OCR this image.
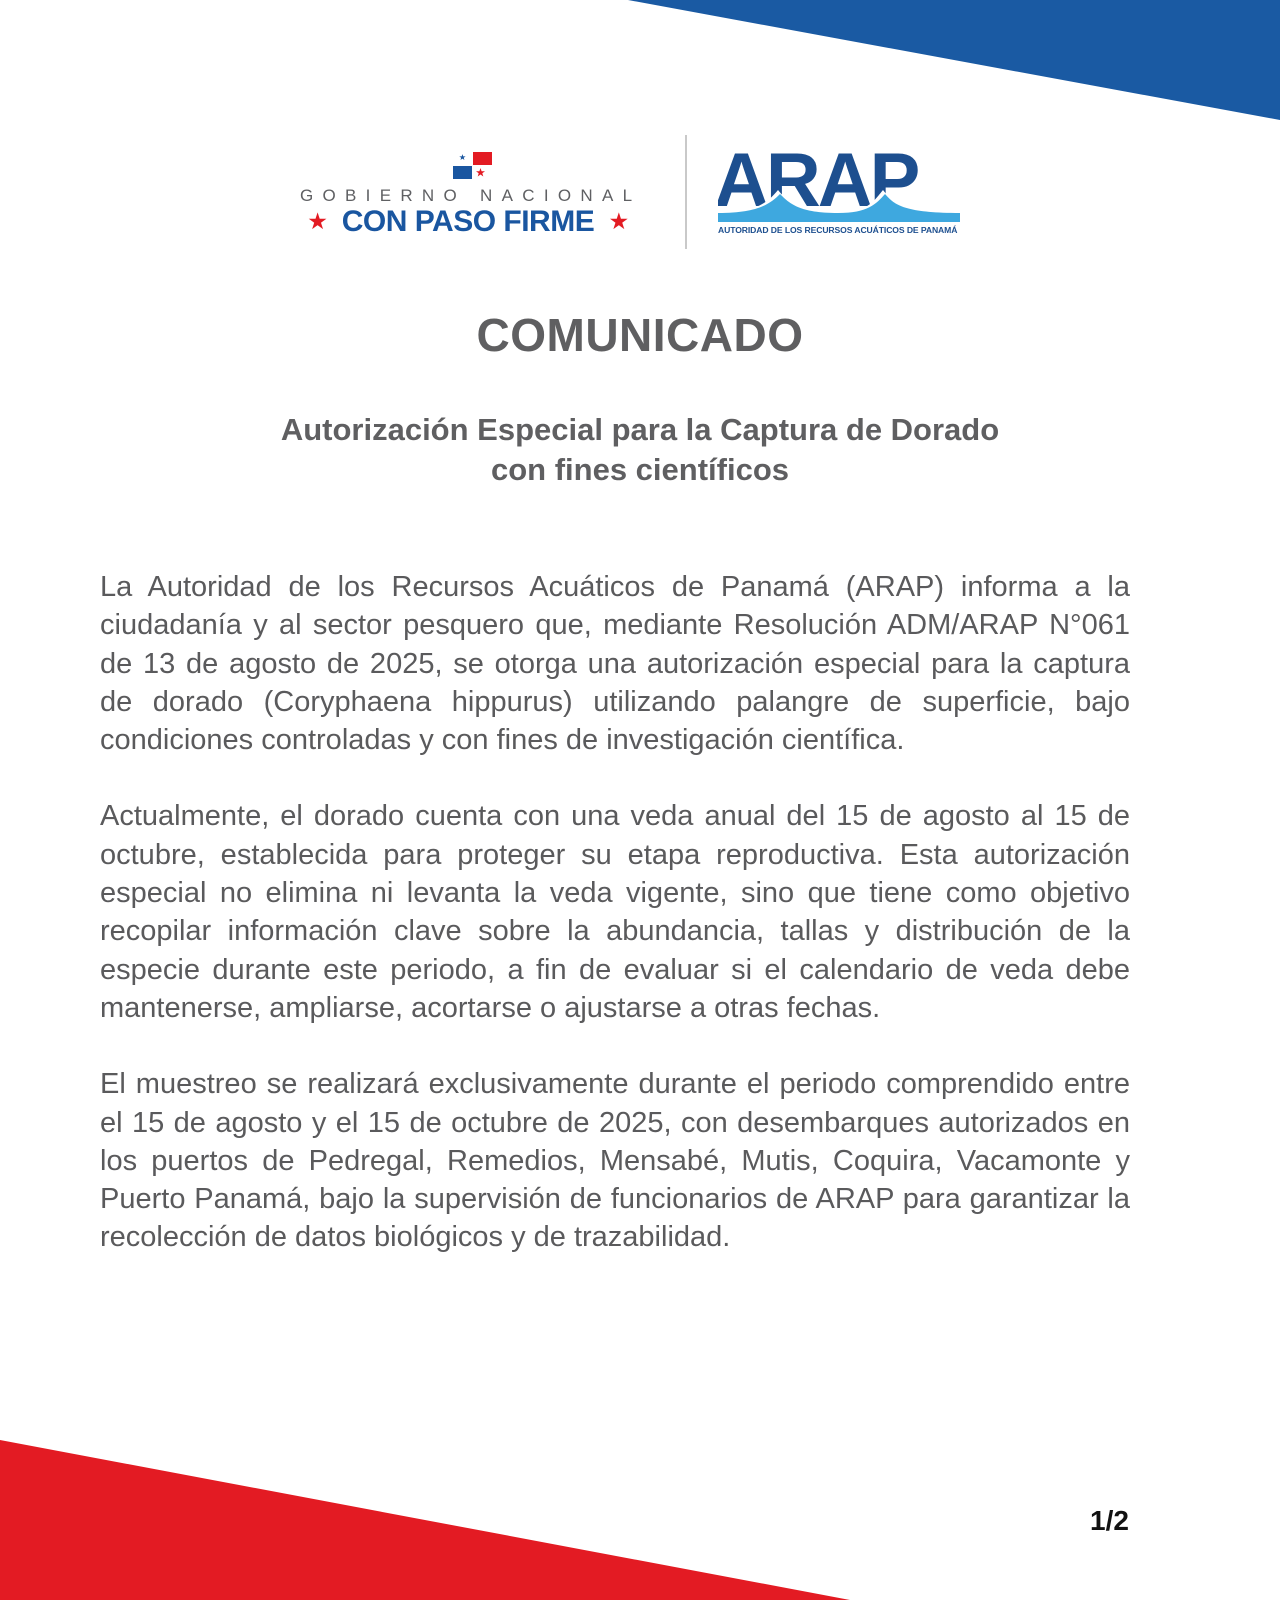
GOBIERNO NACIONAL
★ CON PASO FIRME ★ ARAP
AUTORIDAD DE LOS RECURSOS ACUÁTICOS DE PANAMÁ
COMUNICADO
Autorización Especial para la Captura de Dorado
con fines científicos

La Autoridad de los Recursos Acuáticos de Panamá (ARAP) informa a la ciudadanía y al sector pesquero que, mediante Resolución ADM/ARAP N°061 de 13 de agosto de 2025, se otorga una autorización especial para la captura de dorado (Coryphaena hippurus) utilizando palangre de superficie, bajo condiciones controladas y con fines de investigación científica.

Actualmente, el dorado cuenta con una veda anual del 15 de agosto al 15 de octubre, establecida para proteger su etapa reproductiva. Esta autorización especial no elimina ni levanta la veda vigente, sino que tiene como objetivo recopilar información clave sobre la abundancia, tallas y distribución de la especie durante este periodo, a fin de evaluar si el calendario de veda debe mantenerse, ampliarse, acortarse o ajustarse a otras fechas.

El muestreo se realizará exclusivamente durante el periodo comprendido entre el 15 de agosto y el 15 de octubre de 2025, con desembarques autorizados en los puertos de Pedregal, Remedios, Mensabé, Mutis, Coquira, Vacamonte y Puerto Panamá, bajo la supervisión de funcionarios de ARAP para garantizar la recolección de datos biológicos y de trazabilidad.

1/2
